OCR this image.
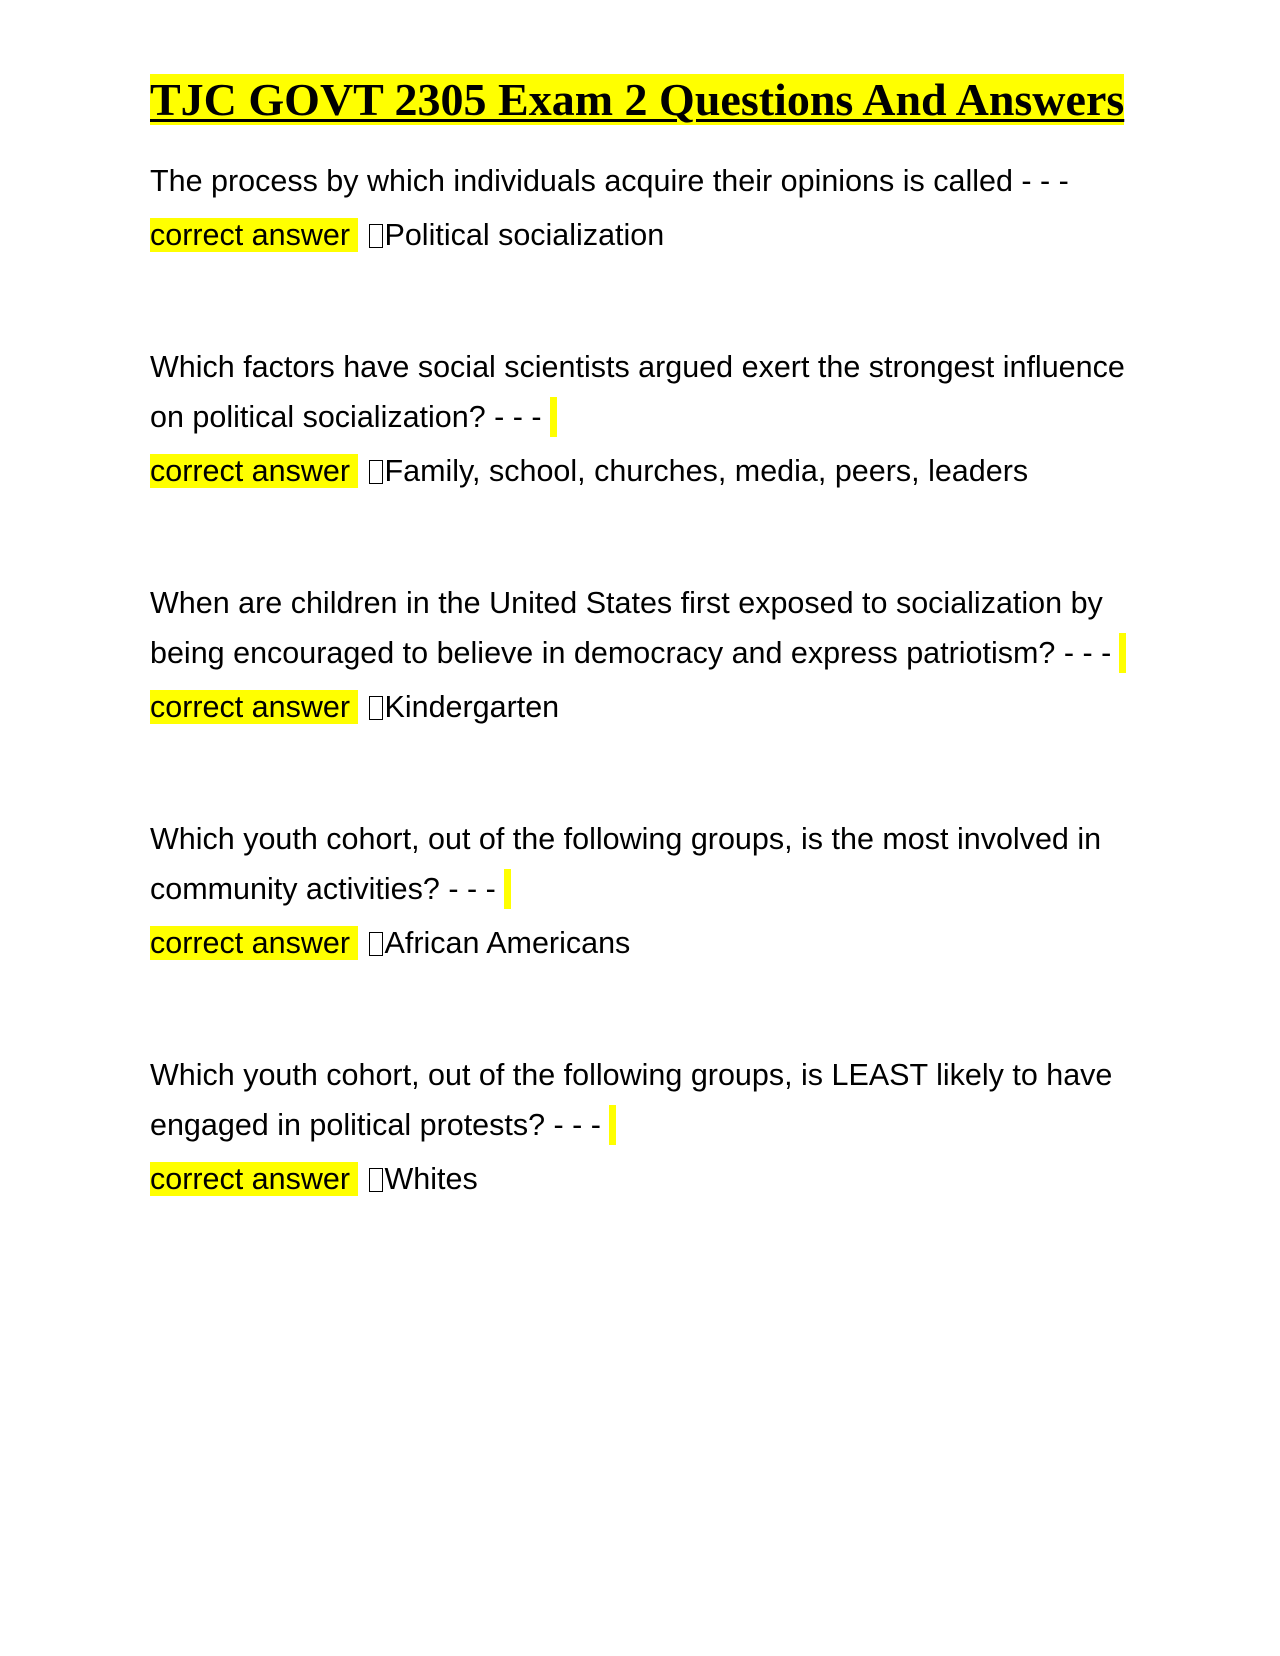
TJC GOVT 2305 Exam 2 Questions And Answers

The process by which individuals acquire their opinions is called - - -

correct answer Political socialization

Which factors have social scientists argued exert the strongest influence on political socialization? - - -

correct answer Family, school, churches, media, peers, leaders

When are children in the United States first exposed to socialization by being encouraged to believe in democracy and express patriotism? - - -

correct answer Kindergarten

Which youth cohort, out of the following groups, is the most involved in community activities? - - -

correct answer African Americans

Which youth cohort, out of the following groups, is LEAST likely to have engaged in political protests? - - -

correct answer Whites
